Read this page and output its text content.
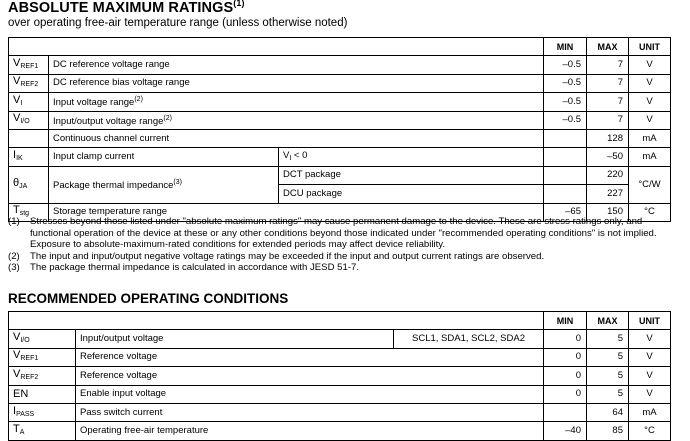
ABSOLUTE MAXIMUM RATINGS$^{(1)}$
over operating free-air temperature range (unless otherwise noted)
			MIN	MAX	UNIT
$V_{REF1}$	DC reference voltage range		–0.5	7	V
$V_{REF2}$	DC reference bias voltage range		–0.5	7	V
$V_I$	Input voltage range$^{(2)}$		–0.5	7	V
$V_{I/O}$	Input/output voltage range$^{(2)}$		–0.5	7	V
	Continuous channel current			128	mA
$I_{IK}$	Input clamp current	$V_I < 0$		–50	mA
$\theta_{JA}$	Package thermal impedance$^{(3)}$	DCT package		220	°C/W
		DCU package		227	
$T_{stg}$	Storage temperature range		–65	150	°C
(1)	Stresses beyond those listed under "absolute maximum ratings" may cause permanent damage to the device. These are stress ratings only, and functional operation of the device at these or any other conditions beyond those indicated under "recommended operating conditions" is not implied. Exposure to absolute-maximum-rated conditions for extended periods may affect device reliability.
(2)	The input and input/output negative voltage ratings may be exceeded if the input and output current ratings are observed.
(3)	The package thermal impedance is calculated in accordance with JESD 51-7.
RECOMMENDED OPERATING CONDITIONS
			MIN	MAX	UNIT
$V_{I/O}$	Input/output voltage	SCL1, SDA1, SCL2, SDA2	0	5	V
$V_{REF1}$	Reference voltage		0	5	V
$V_{REF2}$	Reference voltage		0	5	V
EN	Enable input voltage		0	5	V
$I_{PASS}$	Pass switch current			64	mA
$T_A$	Operating free-air temperature		–40	85	°C
